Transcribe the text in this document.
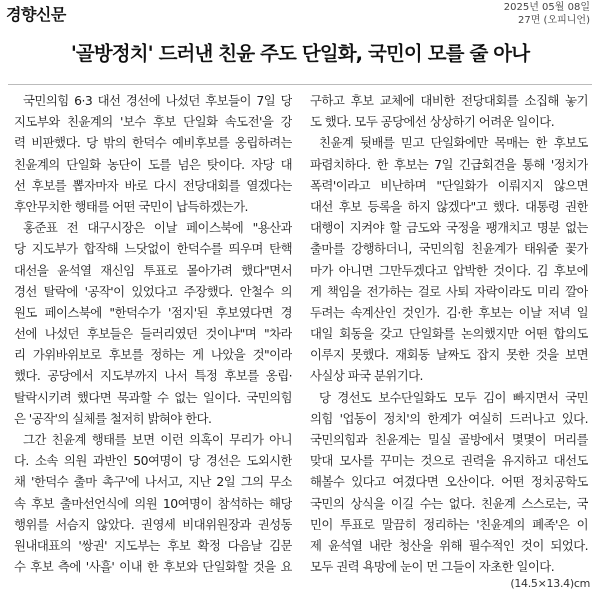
경향신문	2025년 05월 08일
27면 (오피니언)
'골방정치' 드러낸 친윤 주도 단일화, 국민이 모를 줄 아나
국민의힘 6·3 대선 경선에 나섰던 후보들이 7일 당
지도부와 친윤계의 '보수 후보 단일화 속도전'을 강
력 비판했다. 당 밖의 한덕수 예비후보를 옹립하려는
친윤계의 단일화 농단이 도를 넘은 탓이다. 자당 대
선 후보를 뽑자마자 바로 다시 전당대회를 열겠다는
후안무치한 행태를 어떤 국민이 납득하겠는가.
홍준표 전 대구시장은 이날 페이스북에 "용산과
당 지도부가 합작해 느닷없이 한덕수를 띄우며 탄핵
대선을 윤석열 재신임 투표로 몰아가려 했다"면서
경선 탈락에 '공작'이 있었다고 주장했다. 안철수 의
원도 페이스북에 "한덕수가 '점지'된 후보였다면 경
선에 나섰던 후보들은 들러리였던 것이냐"며 "차라
리 가위바위보로 후보를 정하는 게 나았을 것"이라
했다. 공당에서 지도부까지 나서 특정 후보를 옹립·
탈락시키려 했다면 묵과할 수 없는 일이다. 국민의힘
은 '공작'의 실체를 철저히 밝혀야 한다.
그간 친윤계 행태를 보면 이런 의혹이 무리가 아니
다. 소속 의원 과반인 50여명이 당 경선은 도외시한
채 '한덕수 출마 촉구'에 나서고, 지난 2일 그의 무소
속 후보 출마선언식에 의원 10여명이 참석하는 해당
행위를 서슴지 않았다. 권영세 비대위원장과 권성동
원내대표의 '쌍권' 지도부는 후보 확정 다음날 김문
수 후보 측에 '사흘' 이내 한 후보와 단일화할 것을 요
구하고 후보 교체에 대비한 전당대회를 소집해 놓기
도 했다. 모두 공당에선 상상하기 어려운 일이다.
친윤계 뒷배를 믿고 단일화에만 목매는 한 후보도
파렴치하다. 한 후보는 7일 긴급회견을 통해 '정치가
폭력'이라고 비난하며 "단일화가 이뤄지지 않으면
대선 후보 등록을 하지 않겠다"고 했다. 대통령 권한
대행이 지켜야 할 금도와 국정을 팽개치고 명분 없는
출마를 강행하더니, 국민의힘 친윤계가 태워줄 꽃가
마가 아니면 그만두겠다고 압박한 것이다. 김 후보에
게 책임을 전가하는 걸로 사퇴 자락이라도 미리 깔아
두려는 속계산인 것인가. 김·한 후보는 이날 저녁 일
대일 회동을 갖고 단일화를 논의했지만 어떤 합의도
이루지 못했다. 재회동 날짜도 잡지 못한 것을 보면
사실상 파국 분위기다.
당 경선도 보수단일화도 모두 김이 빠지면서 국민
의힘 '업동이 정치'의 한계가 여실히 드러나고 있다.
국민의힘과 친윤계는 밀실 골방에서 몇몇이 머리를
맞대 모사를 꾸미는 것으로 권력을 유지하고 대선도
해볼수 있다고 여겼다면 오산이다. 어떤 정치공학도
국민의 상식을 이길 수는 없다. 친윤계 스스로는, 국
민이 투표로 말끔히 정리하는 '친윤계의 폐족'은 이
제 윤석열 내란 청산을 위해 필수적인 것이 되었다.
모두 권력 욕망에 눈이 먼 그들이 자초한 일이다.
(14.5×13.4)cm
